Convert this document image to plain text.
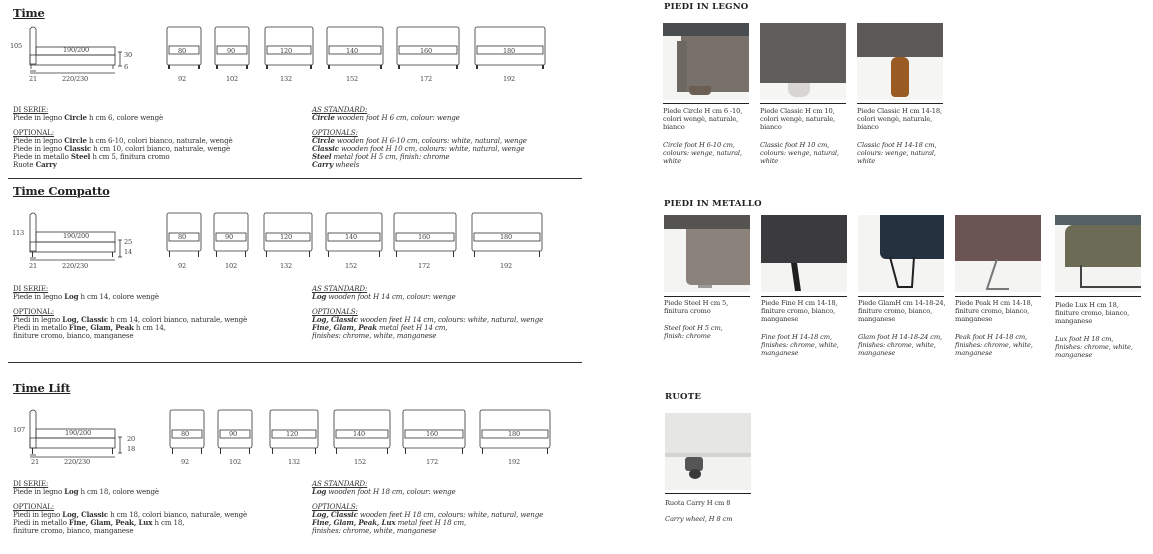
Time
105
30
6
190/200
21	220/230
80
92
90
102
120
132
140
152
160
172
180
192
DI SERIE:
Piede in legno Circle h cm 6, colore wengè

OPTIONAL:
Piede in legno Circle h cm 6-10, colori bianco, naturale, wengè
Piede in legno Classic h cm 10, colori bianco, naturale, wengè
Piede in metallo Steel h cm 5, finitura cromo
Ruote Carry
AS STANDARD:
Circle wooden foot H 6 cm, colour: wenge

OPTIONALS:
Circle wooden foot H 6-10 cm, colours: white, natural, wenge
Classic wooden foot H 10 cm, colours: white, natural, wenge
Steel metal foot H 5 cm, finish: chrome
Carry wheels
Time Compatto
113
25
14
190/200
21	220/230
80
92
90
102
120
132
140
152
160
172
180
192
DI SERIE:
Piede in legno Log h cm 14, colore wengè

OPTIONAL:
Piedi in legno Log, Classic h cm 14, colori bianco, naturale, wengè
Piedi in metallo Fine, Glam, Peak h cm 14,
finiture cromo, bianco, manganese
AS STANDARD:
Log wooden foot H 14 cm, colour: wenge

OPTIONALS:
Log, Classic wooden feet H 14 cm, colours: white, natural, wenge
Fine, Glam, Peak metal feet H 14 cm,
finishes: chrome, white, manganese
Time Lift
107
20
18
190/200
21	220/230
80
92
90
102
120
132
140
152
160
172
180
192
DI SERIE:
Piede in legno Log h cm 18, colore wengè

OPTIONAL:
Piedi in legno Log, Classic h cm 18, colori bianco, naturale, wengè
Piedi in metallo Fine, Glam, Peak, Lux h cm 18,
finiture cromo, bianco, manganese
AS STANDARD:
Log wooden foot H 18 cm, colour: wenge

OPTIONALS:
Log, Classic wooden feet H 18 cm, colours: white, natural, wenge
Fine, Glam, Peak, Lux metal feet H 18 cm,
finishes: chrome, white, manganese
PIEDI IN LEGNO
Piede Circle H cm 6 -10,
colori wengè, naturale,
bianco
Circle foot H 6-10 cm,
colours: wenge, natural,
white
Piede Classic H cm 10,
colori wengè, naturale,
bianco
Classic foot H 10 cm,
colours: wenge, natural,
white
Piede Classic H cm 14-18,
colori wengè, naturale,
bianco
Classic foot H 14-18 cm,
colours: wenge, natural,
white
PIEDI IN METALLO
Piede Steel H cm 5,
finitura cromo
Steel foot H 5 cm,
finish: chrome
Piede Fine H cm 14-18,
finiture cromo, bianco,
manganese
Fine foot H 14-18 cm,
finishes: chrome, white,
manganese
Piede GlamH cm 14-18-24,
finiture cromo, bianco,
manganese
Glam foot H 14-18-24 cm,
finishes: chrome, white,
manganese
Piede Peak H cm 14-18,
finiture cromo, bianco,
manganese
Peak foot H 14-18 cm,
finishes: chrome, white,
manganese
Piede Lux H cm 18,
finiture cromo, bianco,
manganese
Lux foot H 18 cm,
finishes: chrome, white,
manganese
RUOTE
Ruota Carry H cm 8
Carry wheel, H 8 cm
